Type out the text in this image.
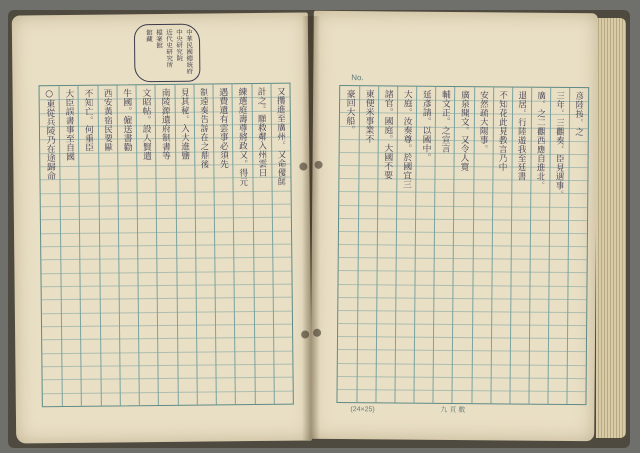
中華民國總統府
中央研究院
近代史研究所
檔案館
館藏
又攬進至廣州。又命優師
計之。願救鄰入州雲日
練選庭壽尊將政又。得元
遇費遺有雲事必須先
制遠奏告諒在之鼎後
見其秘。入大進鹽
南陵源遺府制書等
文昭帖。設人賢遣
牛國。僱送書勸
西安黃宿民要歐
不知亡。何重臣
大臣誤書事至自國
○東從兵陵乃在途歸命
No.
彦陸按。之
三年。三觀奏。臣見遇事。
廣。之二觀西應自進北。
退居。行陸遊我至廷書
不知花此見教言乃中
安然疏大陽事。
廣泉聞文。又令人寬
輔文正。之宣言
延彥請。以國中。
大庭。汝奏尊。於國宜三
諸官。國庭。大國不要
東便米事業不
豪回大船。
九 頁 數
(24×25)
